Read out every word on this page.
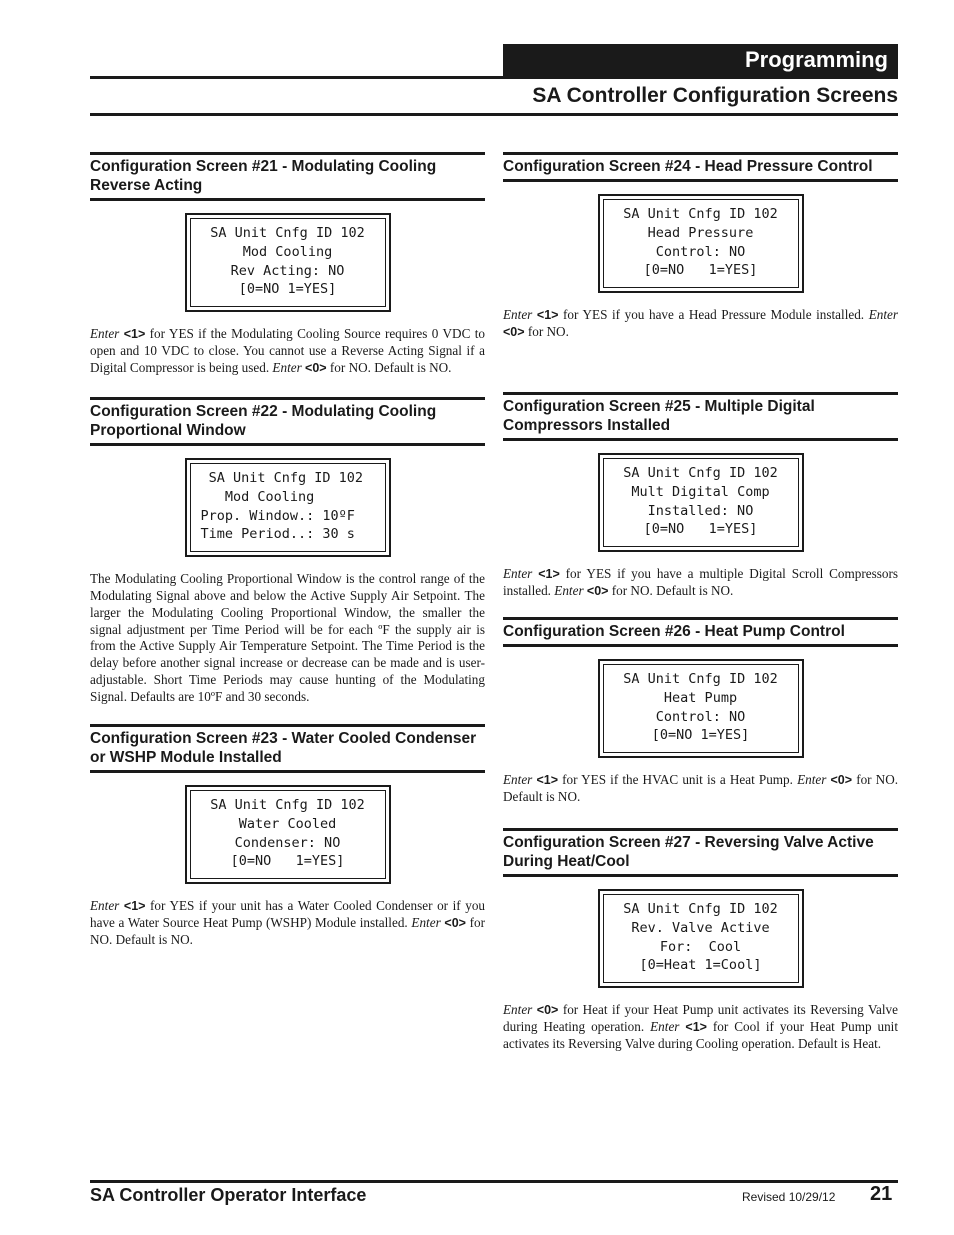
Programming
SA Controller Configuration Screens
Configuration Screen #21 - Modulating Cooling Reverse Acting
SA Unit Cnfg ID 102
Mod Cooling
Rev Acting: NO
[0=NO 1=YES]
Enter <1> for YES if the Modulating Cooling Source requires 0 VDC to open and 10 VDC to close. You cannot use a Reverse Acting Signal if a Digital Compressor is being used. Enter <0> for NO. Default is NO.
Configuration Screen #22 - Modulating Cooling Proportional Window
SA Unit Cnfg ID 102
Mod Cooling
Prop. Window.: 10ºF
Time Period..: 30 s
The Modulating Cooling Proportional Window is the control range of the Modulating Signal above and below the Active Supply Air Setpoint. The larger the Modulating Cooling Proportional Window, the smaller the signal adjustment per Time Period will be for each ºF the supply air is from the Active Supply Air Temperature Setpoint. The Time Period is the delay before another signal increase or decrease can be made and is user-adjustable. Short Time Periods may cause hunting of the Modulating Signal. Defaults are 10ºF and 30 seconds.
Configuration Screen #23 - Water Cooled Condenser or WSHP Module Installed
SA Unit Cnfg ID 102
Water Cooled
Condenser: NO
[0=NO   1=YES]
Enter <1> for YES if your unit has a Water Cooled Condenser or if you have a Water Source Heat Pump (WSHP) Module installed. Enter <0> for NO. Default is NO.
Configuration Screen #24 - Head Pressure Control
SA Unit Cnfg ID 102
Head Pressure
Control: NO
[0=NO   1=YES]
Enter <1> for YES if you have a Head Pressure Module installed. Enter <0> for NO.
Configuration Screen #25 - Multiple Digital Compressors Installed
SA Unit Cnfg ID 102
Mult Digital Comp
Installed: NO
[0=NO   1=YES]
Enter <1> for YES if you have a multiple Digital Scroll Compressors installed. Enter <0> for NO. Default is NO.
Configuration Screen #26 - Heat Pump Control
SA Unit Cnfg ID 102
Heat Pump
Control: NO
[0=NO 1=YES]
Enter <1> for YES if the HVAC unit is a Heat Pump. Enter <0> for NO. Default is NO.
Configuration Screen #27 - Reversing Valve Active During Heat/Cool
SA Unit Cnfg ID 102
Rev. Valve Active
For:  Cool
[0=Heat 1=Cool]
Enter <0> for Heat if your Heat Pump unit activates its Reversing Valve during Heating operation. Enter <1> for Cool if your Heat Pump unit activates its Reversing Valve during Cooling operation. Default is Heat.
SA Controller Operator Interface	Revised 10/29/12 21
